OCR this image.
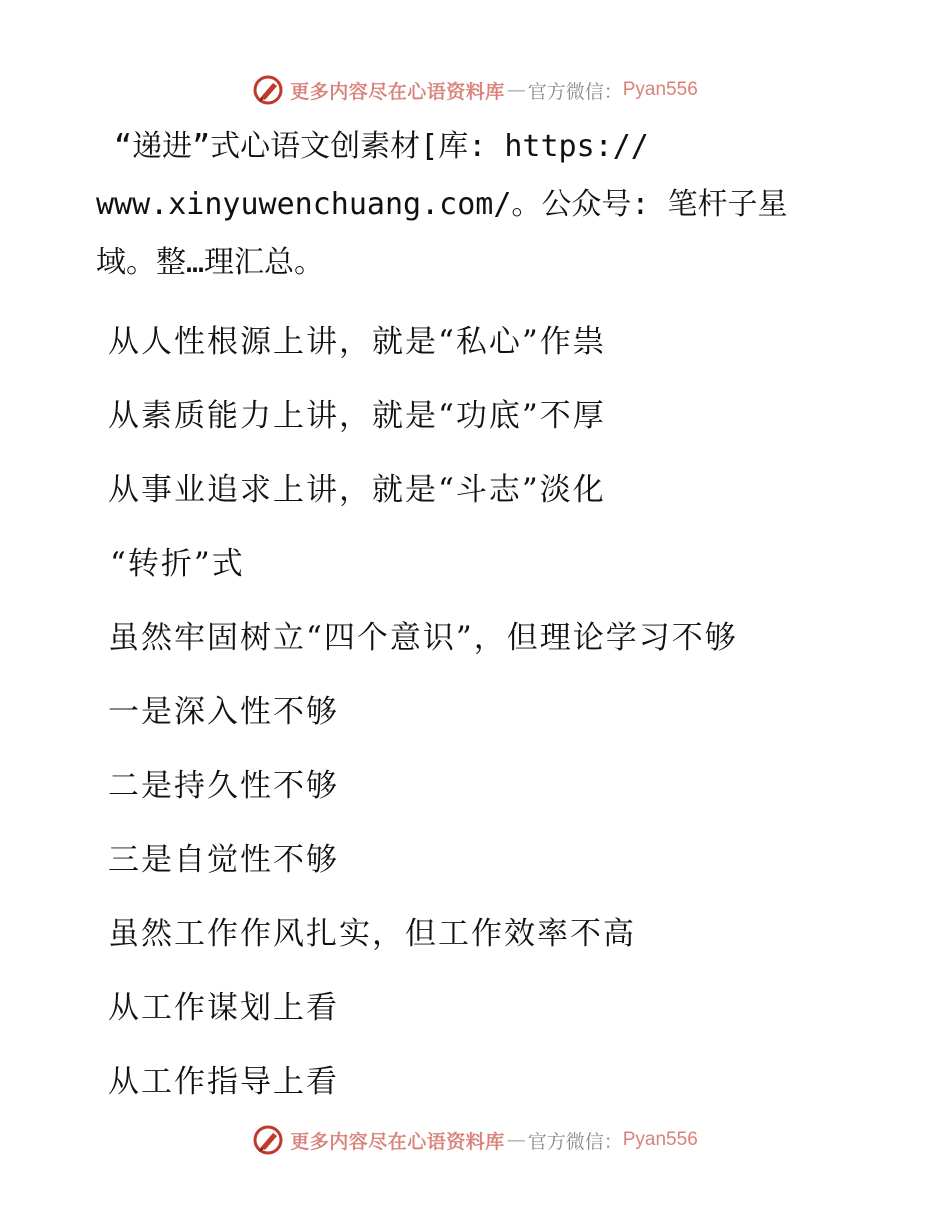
更多内容尽在心语资料库 — 官方微信： Pyan556
“递进”式心语文创素材[库: https://
www.xinyuwenchuang.com/。公众号: 笔杆子星
域。整…理汇总。

从人性根源上讲，就是“私心”作祟

从素质能力上讲，就是“功底”不厚

从事业追求上讲，就是“斗志”淡化

“转折”式

虽然牢固树立“四个意识”，但理论学习不够

一是深入性不够

二是持久性不够

三是自觉性不够

虽然工作作风扎实，但工作效率不高

从工作谋划上看

从工作指导上看

更多内容尽在心语资料库 — 官方微信： Pyan556
